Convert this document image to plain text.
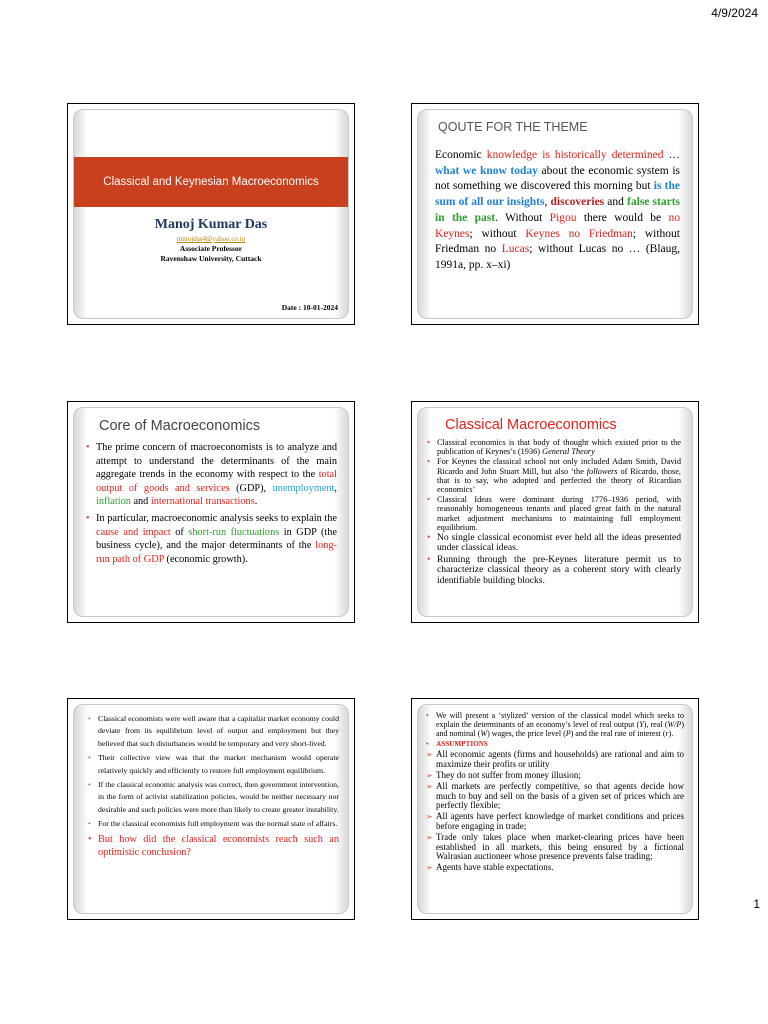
4/9/2024
Classical and Keynesian Macroeconomics
Manoj Kumar Das
mmojdas4@yahoo.co.in
Associate Professor
Ravenshaw University, Cuttack
Date : 10-01-2024
QOUTE FOR THE THEME
Economic knowledge is historically determined … what we know today about the economic system is not something we discovered this morning but is the sum of all our insights, discoveries and false starts in the past. Without Pigou there would be no Keynes; without Keynes no Friedman; without Friedman no Lucas; without Lucas no … (Blaug, 1991a, pp. x–xi)
Core of Macroeconomics
• The prime concern of macroeconomists is to analyze and attempt to understand the determinants of the main aggregate trends in the economy with respect to the total output of goods and services (GDP), unemployment, inflation and international transactions.
• In particular, macroeconomic analysis seeks to explain the cause and impact of short-run fluctuations in GDP (the business cycle), and the major determinants of the long-run path of GDP (economic growth).
Classical Macroeconomics
• Classical economics is that body of thought which existed prior to the publication of Keynes’s (1936) General Theory
• For Keynes the classical school not only included Adam Smith, David Ricardo and John Stuart Mill, but also ‘the followers of Ricardo, those, that is to say, who adopted and perfected the theory of Ricardian economics’
• Classical Ideas were dominant during 1776–1936 period, with reasonably homogeneous tenants and placed great faith in the natural market adjustment mechanisms to maintaining full employment equilibrium.
• No single classical economist ever held all the ideas presented under classical ideas.
• Running through the pre-Keynes literature permit us to characterize classical theory as a coherent story with clearly identifiable building blocks.
• Classical economists were well aware that a capitalist market economy could deviate from its equilibrium level of output and employment but they believed that such disturbances would be temporary and very short-lived.
• Their collective view was that the market mechanism would operate relatively quickly and efficiently to restore full employment equilibrium.
• If the classical economic analysis was correct, then government intervention, in the form of activist stabilization policies, would be neither necessary nor desirable and such policies were more than likely to create greater instability.
• For the classical economists full employment was the normal state of affairs.
• But how did the classical economists reach such an optimistic conclusion?
• We will present a ‘stylized’ version of the classical model which seeks to explain the determinants of an economy’s level of real output (Y), real (W/P) and nominal (W) wages, the price level (P) and the real rate of interest (r).
• ASSUMPTIONS
➢ All economic agents (firms and households) are rational and aim to maximize their profits or utility
➢ They do not suffer from money illusion;
➢ All markets are perfectly competitive, so that agents decide how much to buy and sell on the basis of a given set of prices which are perfectly flexible;
➢ All agents have perfect knowledge of market conditions and prices before engaging in trade;
➢ Trade only takes place when market-clearing prices have been established in all markets, this being ensured by a fictional Walrasian auctioneer whose presence prevents false trading;
➢ Agents have stable expectations.
1
